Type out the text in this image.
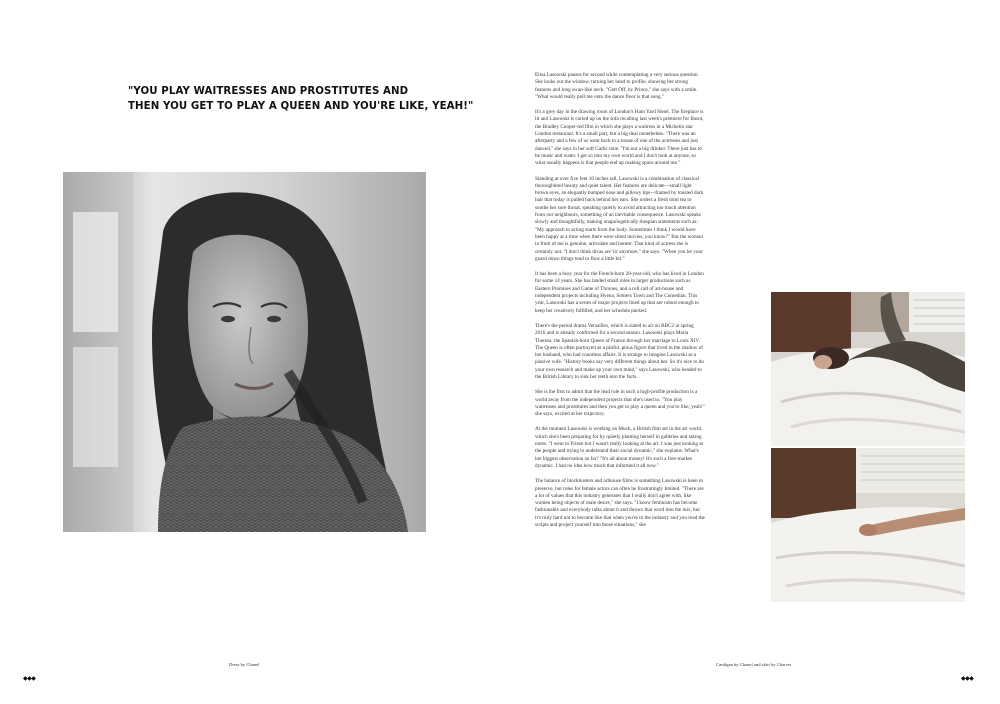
"YOU PLAY WAITRESSES AND PROSTITUTES AND
THEN YOU GET TO PLAY A QUEEN AND YOU'RE LIKE, YEAH!"

Elisa Lasowski pauses for second while contemplating a very serious question. She looks out the window, turning her head to profile, showing her strong features and long swan-like neck. "Gett Off, by Prince," she says with a smile. "What would really pull me onto the dance floor is that song."

It's a grey day in the drawing room of London's Ham Yard Hotel. The fireplace is lit and Lasowski is curled up on the sofa recalling last week's premiere for Burnt, the Bradley Cooper-led film in which she plays a waitress in a Michelin star London restaurant. It's a small part, but a big deal nonetheless. "There was an afterparty and a few of us went back to a house of one of the actresses and just danced," she says in her soft Gallic tone. "I'm not a big drinker. There just has to be music and water. I get so into my own world and I don't look at anyone, so what usually happens is that people end up making space around me."

Standing at over five feet 10 inches tall, Lasowski is a combination of classical thoroughbred beauty and quiet talent. Her features are delicate—small light brown eyes, an elegantly bumped nose and pillowy lips—framed by tousled dark hair that today is pulled back behind her ears. She orders a fresh mint tea to soothe her sore throat, speaking quietly to avoid attracting too much attention from our neighbours, something of an inevitable consequence. Lasowski speaks slowly and thoughtfully, making unapologetically thespian statements such as: "My approach to acting starts from the body. Sometimes I think I would have been happy at a time when there were silent movies, you know?" But the woman in front of me is genuine, articulate and honest. That kind of actress she is certainly not. "I don't think divas are 'in' anymore," she says. "When you let your guard down things tend to flow a little bit."

It has been a busy year for the French-born 28-year-old, who has lived in London for some 14 years. She has landed small roles in larger productions such as Eastern Promises and Game of Thrones, and a roll call of art-house and independent projects including Hyena, Somers Town and The Comedian. This year, Lasowski has a series of major projects lined up that are robust enough to keep her creatively fulfilled, and her schedule packed.

There's the period drama Versailles, which is slated to air on BBC2 in spring 2016 and is already confirmed for a second season. Lasowski plays Maria Theresa, the Spanish-born Queen of France through her marriage to Louis XIV. The Queen is often portrayed as a pitiful, pious figure that lived in the shadow of her husband, who had countless affairs. It is strange to imagine Lasowski as a passive wife. "History books say very different things about her. So it's nice to do your own research and make up your own mind," says Lasowski, who headed to the British Library to sink her teeth into the facts.

She is the first to admit that the lead role in such a high-profile production is a world away from the independent projects that she's used to. "You play waitresses and prostitutes and then you get to play a queen and you're like, yeah!" she says, excited at her trajectory.

At the moment Lasowski is working on Muck, a British film set in the art world, which she's been preparing for by quietly planting herself in galleries and taking notes. "I went to Frieze but I wasn't really looking at the art. I was just looking at the people and trying to understand their social dynamic," she explains. What's her biggest observation so far? "It's all about money! It's such a free-market dynamic. I had no idea how much that informed it all now."

The balance of blockbusters and arthouse films is something Lasowski is keen to preserve, but roles for female actors can often be frustratingly limited. "There are a lot of values that this industry generates that I really don't agree with, like women being objects of male desire," she says. "I know feminism has become fashionable and everybody talks about it and throws that word into the mix, but it's truly hard not to become like that when you're in the industry and you read the scripts and project yourself into those situations," she

Dress by Chanel	Cardigan by Chanel and skirt by Charvet
◆◆◆	◆◆◆
